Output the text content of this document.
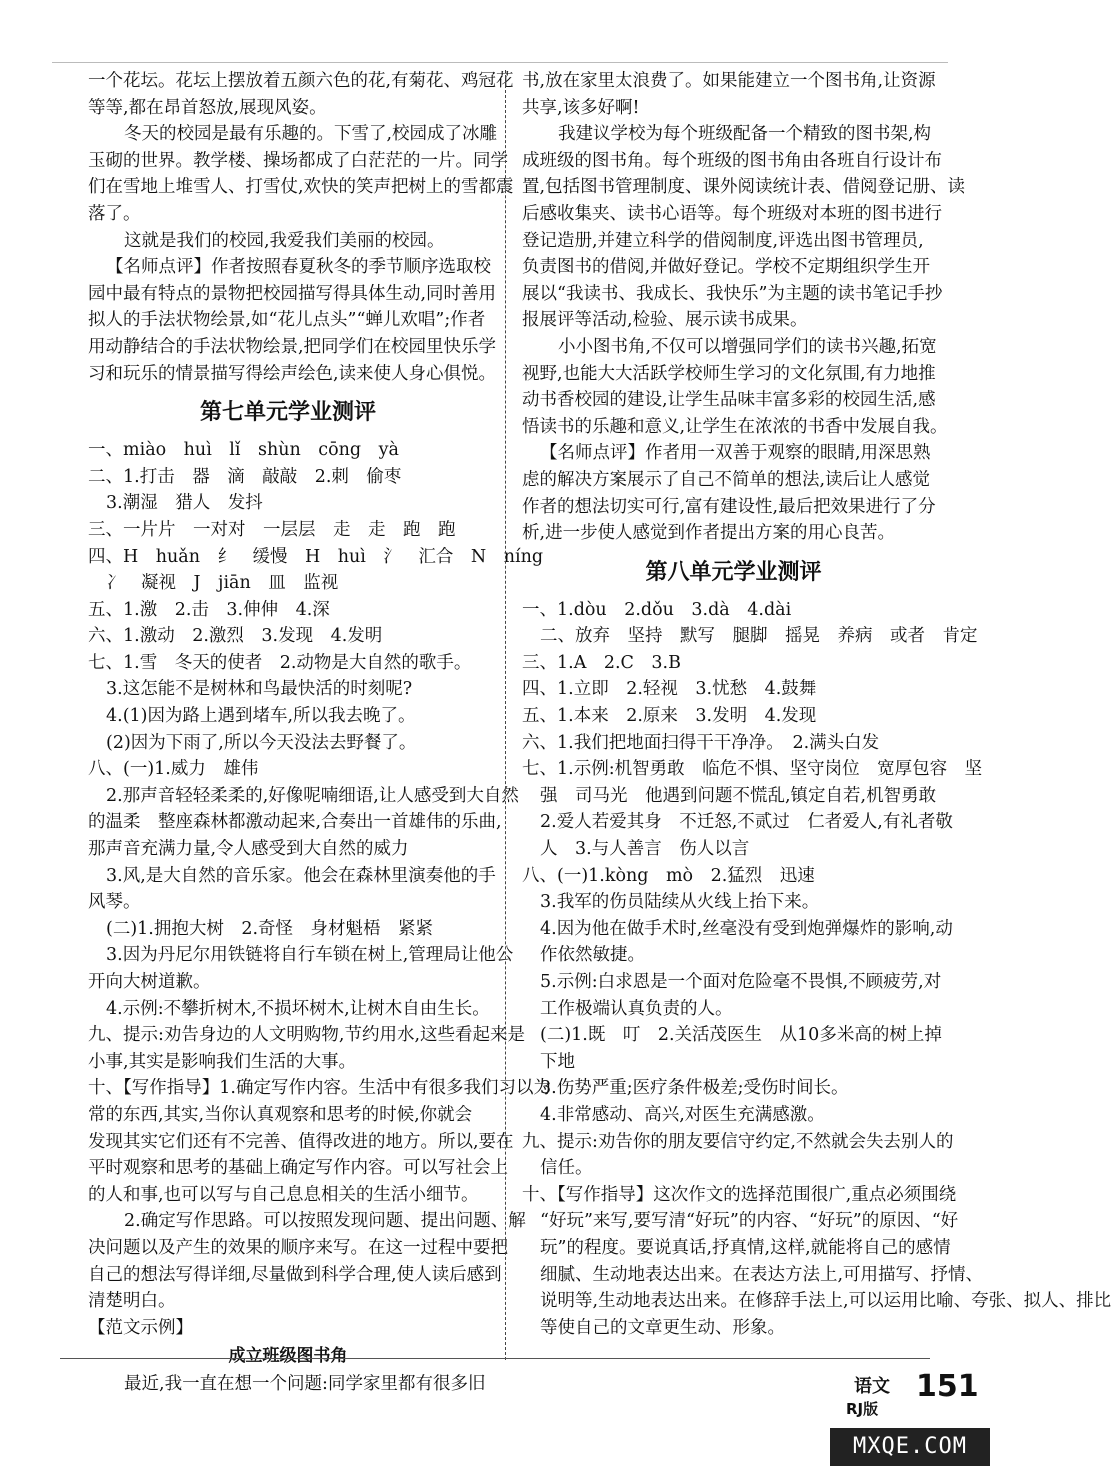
一个花坛。花坛上摆放着五颜六色的花,有菊花、鸡冠花
等等,都在昂首怒放,展现风姿。
冬天的校园是最有乐趣的。下雪了,校园成了冰雕
玉砌的世界。教学楼、操场都成了白茫茫的一片。同学
们在雪地上堆雪人、打雪仗,欢快的笑声把树上的雪都震
落了。
这就是我们的校园,我爱我们美丽的校园。
【名师点评】作者按照春夏秋冬的季节顺序选取校
园中最有特点的景物把校园描写得具体生动,同时善用
拟人的手法状物绘景,如“花儿点头”“蝉儿欢唱”;作者
用动静结合的手法状物绘景,把同学们在校园里快乐学
习和玩乐的情景描写得绘声绘色,读来使人身心俱悦。
第七单元学业测评
一、miào　huì　lǐ　shùn　cōng　yà
二、1.打击　器　滴　敲敲　2.刺　偷枣
3.潮湿　猎人　发抖
三、一片片　一对对　一层层　走　走　跑　跑
四、H　huǎn　纟　缓慢　H　huì　氵　汇合　N　níng
冫　凝视　J　jiān　皿　监视
五、1.激　2.击　3.伸伸　4.深
六、1.激动　2.激烈　3.发现　4.发明
七、1.雪　冬天的使者　2.动物是大自然的歌手。
3.这怎能不是树林和鸟最快活的时刻呢?
4.(1)因为路上遇到堵车,所以我去晚了。
(2)因为下雨了,所以今天没法去野餐了。
八、(一)1.威力　雄伟
2.那声音轻轻柔柔的,好像呢喃细语,让人感受到大自然
的温柔　整座森林都激动起来,合奏出一首雄伟的乐曲,
那声音充满力量,令人感受到大自然的威力
3.风,是大自然的音乐家。他会在森林里演奏他的手
风琴。
(二)1.拥抱大树　2.奇怪　身材魁梧　紧紧
3.因为丹尼尔用铁链将自行车锁在树上,管理局让他公
开向大树道歉。
4.示例:不攀折树木,不损坏树木,让树木自由生长。
九、提示:劝告身边的人文明购物,节约用水,这些看起来是
小事,其实是影响我们生活的大事。
十、【写作指导】1.确定写作内容。生活中有很多我们习以为
常的东西,其实,当你认真观察和思考的时候,你就会
发现其实它们还有不完善、值得改进的地方。所以,要在
平时观察和思考的基础上确定写作内容。可以写社会上
的人和事,也可以写与自己息息相关的生活小细节。
2.确定写作思路。可以按照发现问题、提出问题、解
决问题以及产生的效果的顺序来写。在这一过程中要把
自己的想法写得详细,尽量做到科学合理,使人读后感到
清楚明白。
【范文示例】
成立班级图书角
最近,我一直在想一个问题:同学家里都有很多旧
书,放在家里太浪费了。如果能建立一个图书角,让资源
共享,该多好啊!
我建议学校为每个班级配备一个精致的图书架,构
成班级的图书角。每个班级的图书角由各班自行设计布
置,包括图书管理制度、课外阅读统计表、借阅登记册、读
后感收集夹、读书心语等。每个班级对本班的图书进行
登记造册,并建立科学的借阅制度,评选出图书管理员,
负责图书的借阅,并做好登记。学校不定期组织学生开
展以“我读书、我成长、我快乐”为主题的读书笔记手抄
报展评等活动,检验、展示读书成果。
小小图书角,不仅可以增强同学们的读书兴趣,拓宽
视野,也能大大活跃学校师生学习的文化氛围,有力地推
动书香校园的建设,让学生品味丰富多彩的校园生活,感
悟读书的乐趣和意义,让学生在浓浓的书香中发展自我。
【名师点评】作者用一双善于观察的眼睛,用深思熟
虑的解决方案展示了自己不简单的想法,读后让人感觉
作者的想法切实可行,富有建设性,最后把效果进行了分
析,进一步使人感觉到作者提出方案的用心良苦。
第八单元学业测评
一、1.dòu　2.dǒu　3.dà　4.dài
二、放弃　坚持　默写　腿脚　摇晃　养病　或者　肯定
三、1.A　2.C　3.B
四、1.立即　2.轻视　3.忧愁　4.鼓舞
五、1.本来　2.原来　3.发明　4.发现
六、1.我们把地面扫得干干净净。　2.满头白发
七、1.示例:机智勇敢　临危不惧、坚守岗位　宽厚包容　坚
强　司马光　他遇到问题不慌乱,镇定自若,机智勇敢
2.爱人若爱其身　不迁怒,不贰过　仁者爱人,有礼者敬
人　3.与人善言　伤人以言
八、(一)1.kòng　mò　2.猛烈　迅速
3.我军的伤员陆续从火线上抬下来。
4.因为他在做手术时,丝毫没有受到炮弹爆炸的影响,动
作依然敏捷。
5.示例:白求恩是一个面对危险毫不畏惧,不顾疲劳,对
工作极端认真负责的人。
(二)1.既　叮　2.关活茂医生　从10多米高的树上掉
下地
3.伤势严重;医疗条件极差;受伤时间长。
4.非常感动、高兴,对医生充满感激。
九、提示:劝告你的朋友要信守约定,不然就会失去别人的
信任。
十、【写作指导】这次作文的选择范围很广,重点必须围绕
“好玩”来写,要写清“好玩”的内容、“好玩”的原因、“好
玩”的程度。要说真话,抒真情,这样,就能将自己的感情
细腻、生动地表达出来。在表达方法上,可用描写、抒情、
说明等,生动地表达出来。在修辞手法上,可以运用比喻、夸张、拟人、排比
等使自己的文章更生动、形象。
语文
RJ版
151
MXQE.COM
